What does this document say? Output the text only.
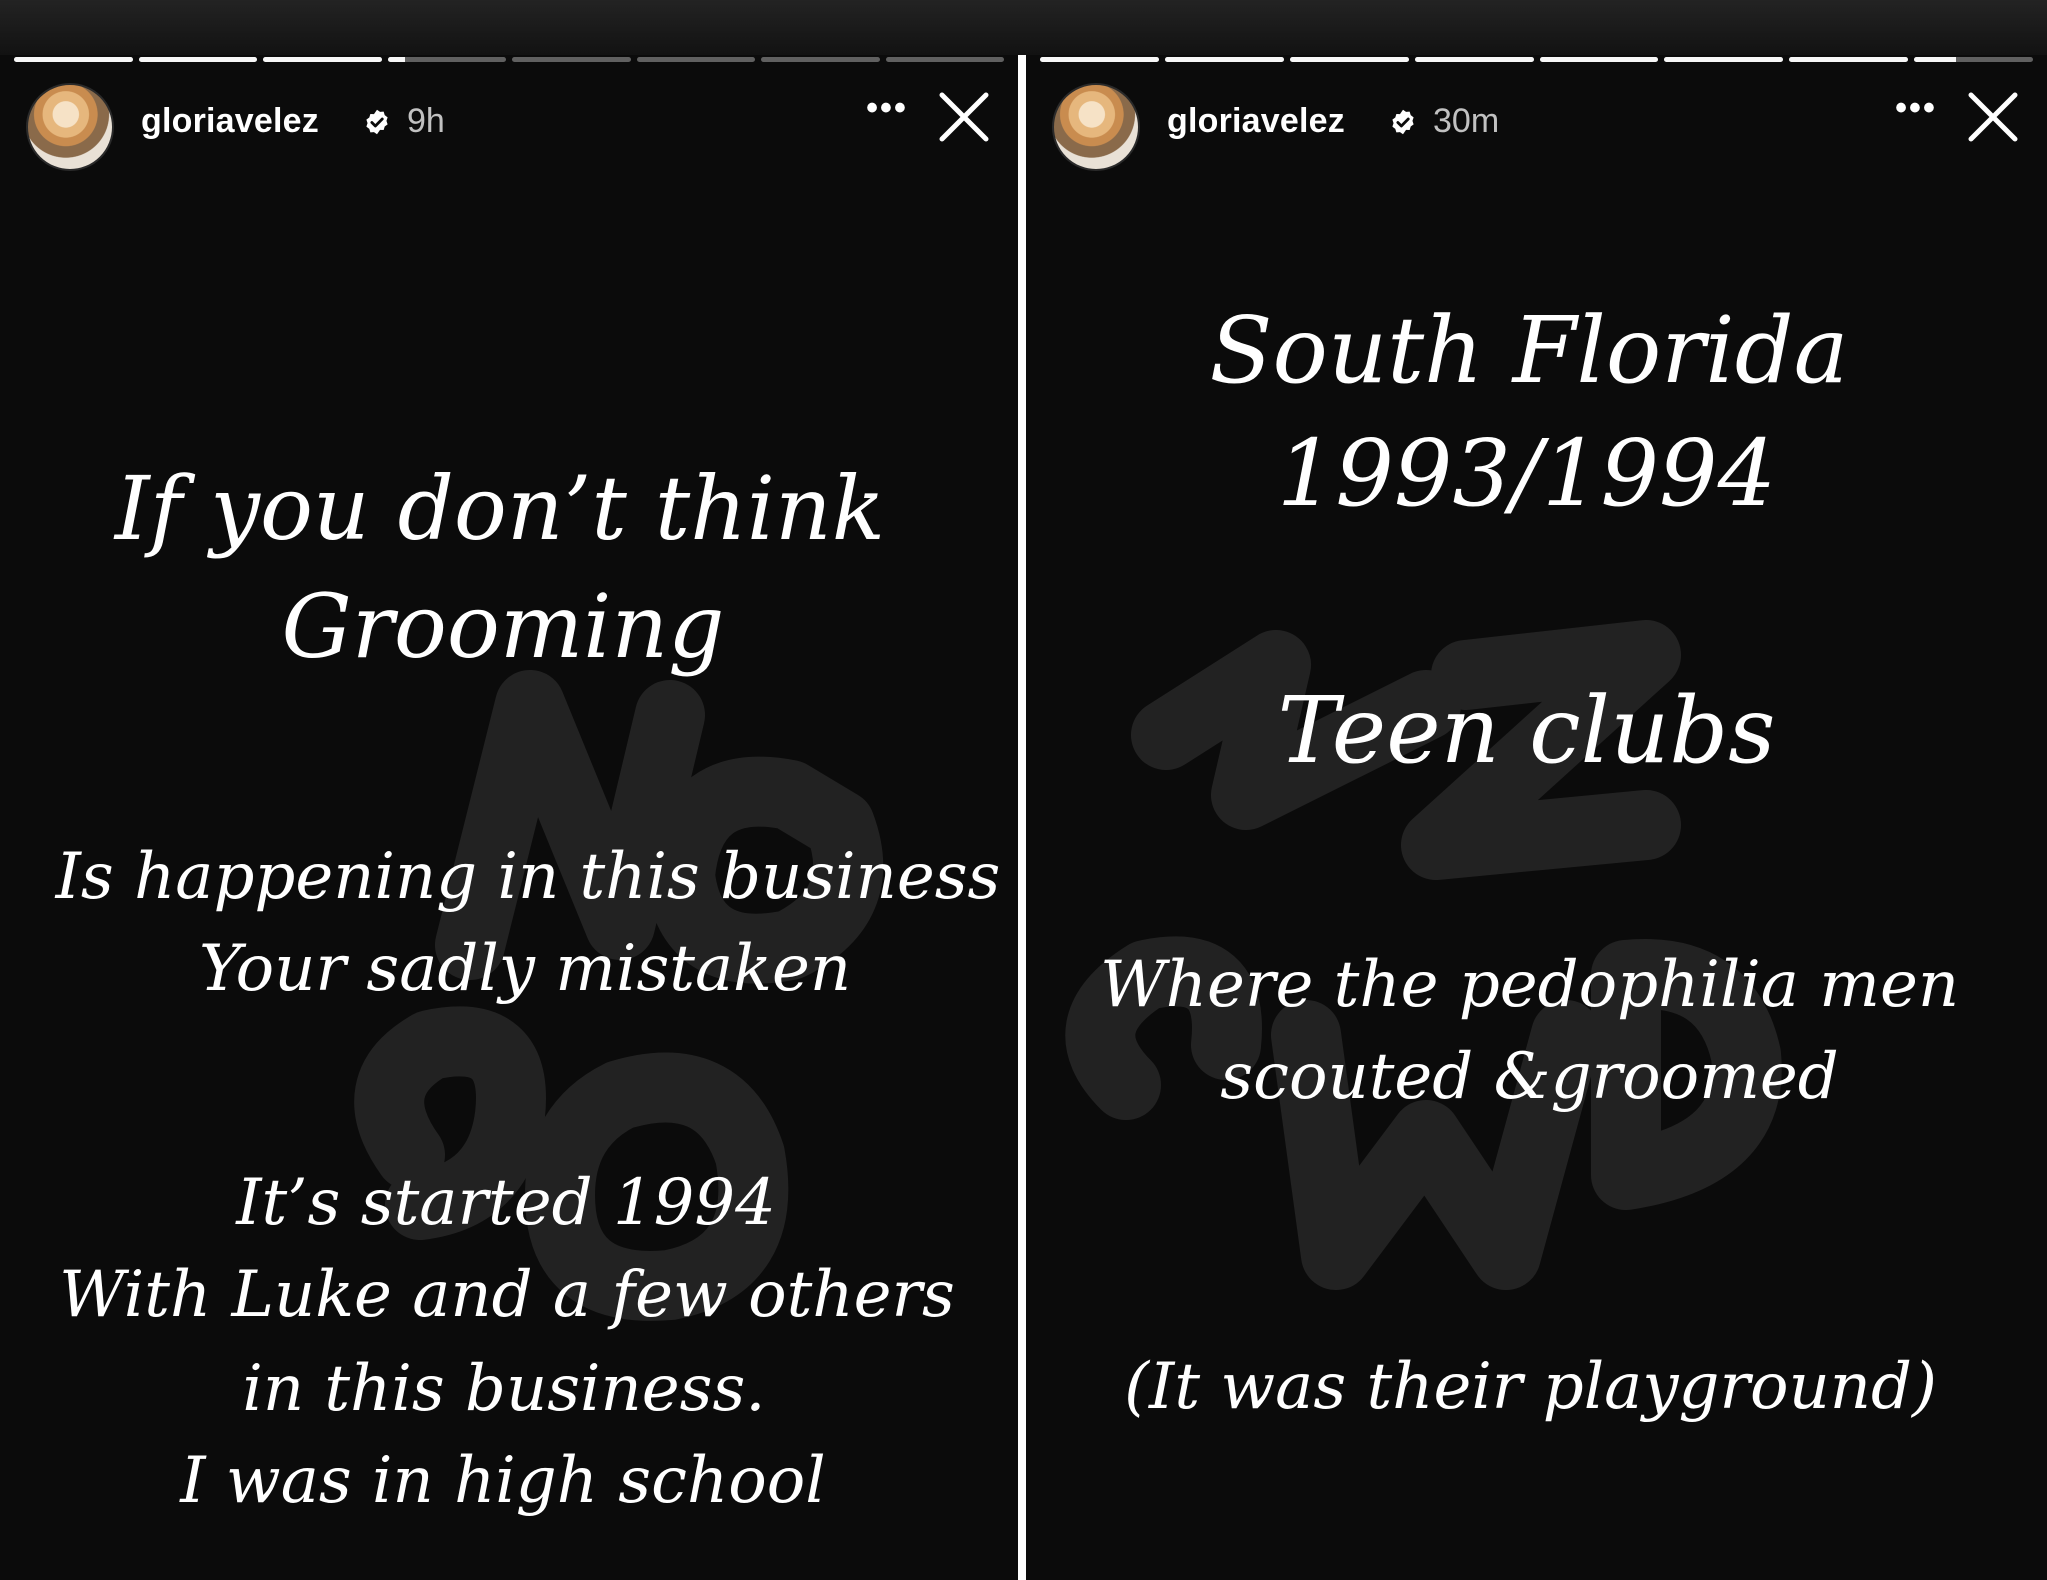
gloriavelez	9h	•••
If you don’t think
Grooming
Is happening in this business
Your sadly mistaken
It’s started 1994
With Luke and a few others
in this business.
I was in high school
gloriavelez	30m	•••
South Florida
1993/1994
Teen clubs
Where the pedophilia men
scouted &groomed
(It was their playground)
